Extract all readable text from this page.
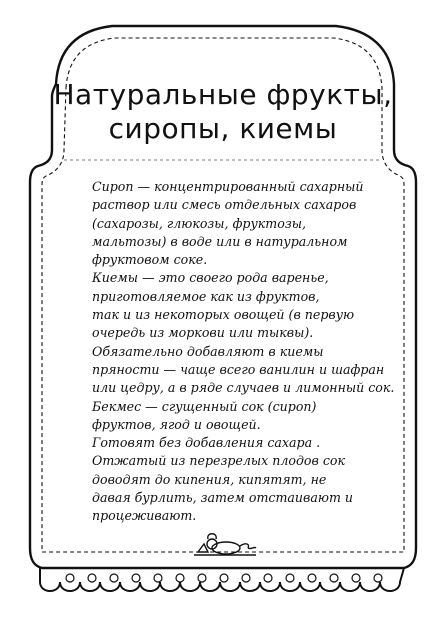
Натуральные фрукты,
сиропы, киемы
Сироп — концентрированный сахарный
раствор или смесь отдельных сахаров
(сахарозы, глюкозы, фруктозы,
мальтозы) в воде или в натуральном
фруктовом соке.
Киемы — это своего рода варенье,
приготовляемое как из фруктов,
так и из некоторых овощей (в первую
очередь из моркови или тыквы).
Обязательно добавляют в киемы
пряности — чаще всего ванилин и шафран
или цедру, а в ряде случаев и лимонный сок.
Бекмес — сгущенный сок (сироп)
фруктов, ягод и овощей.
Готовят без добавления сахара .
Отжатый из перезрелых плодов сок
доводят до кипения, кипятят, не
давая бурлить, затем отстаивают и
процеживают.
